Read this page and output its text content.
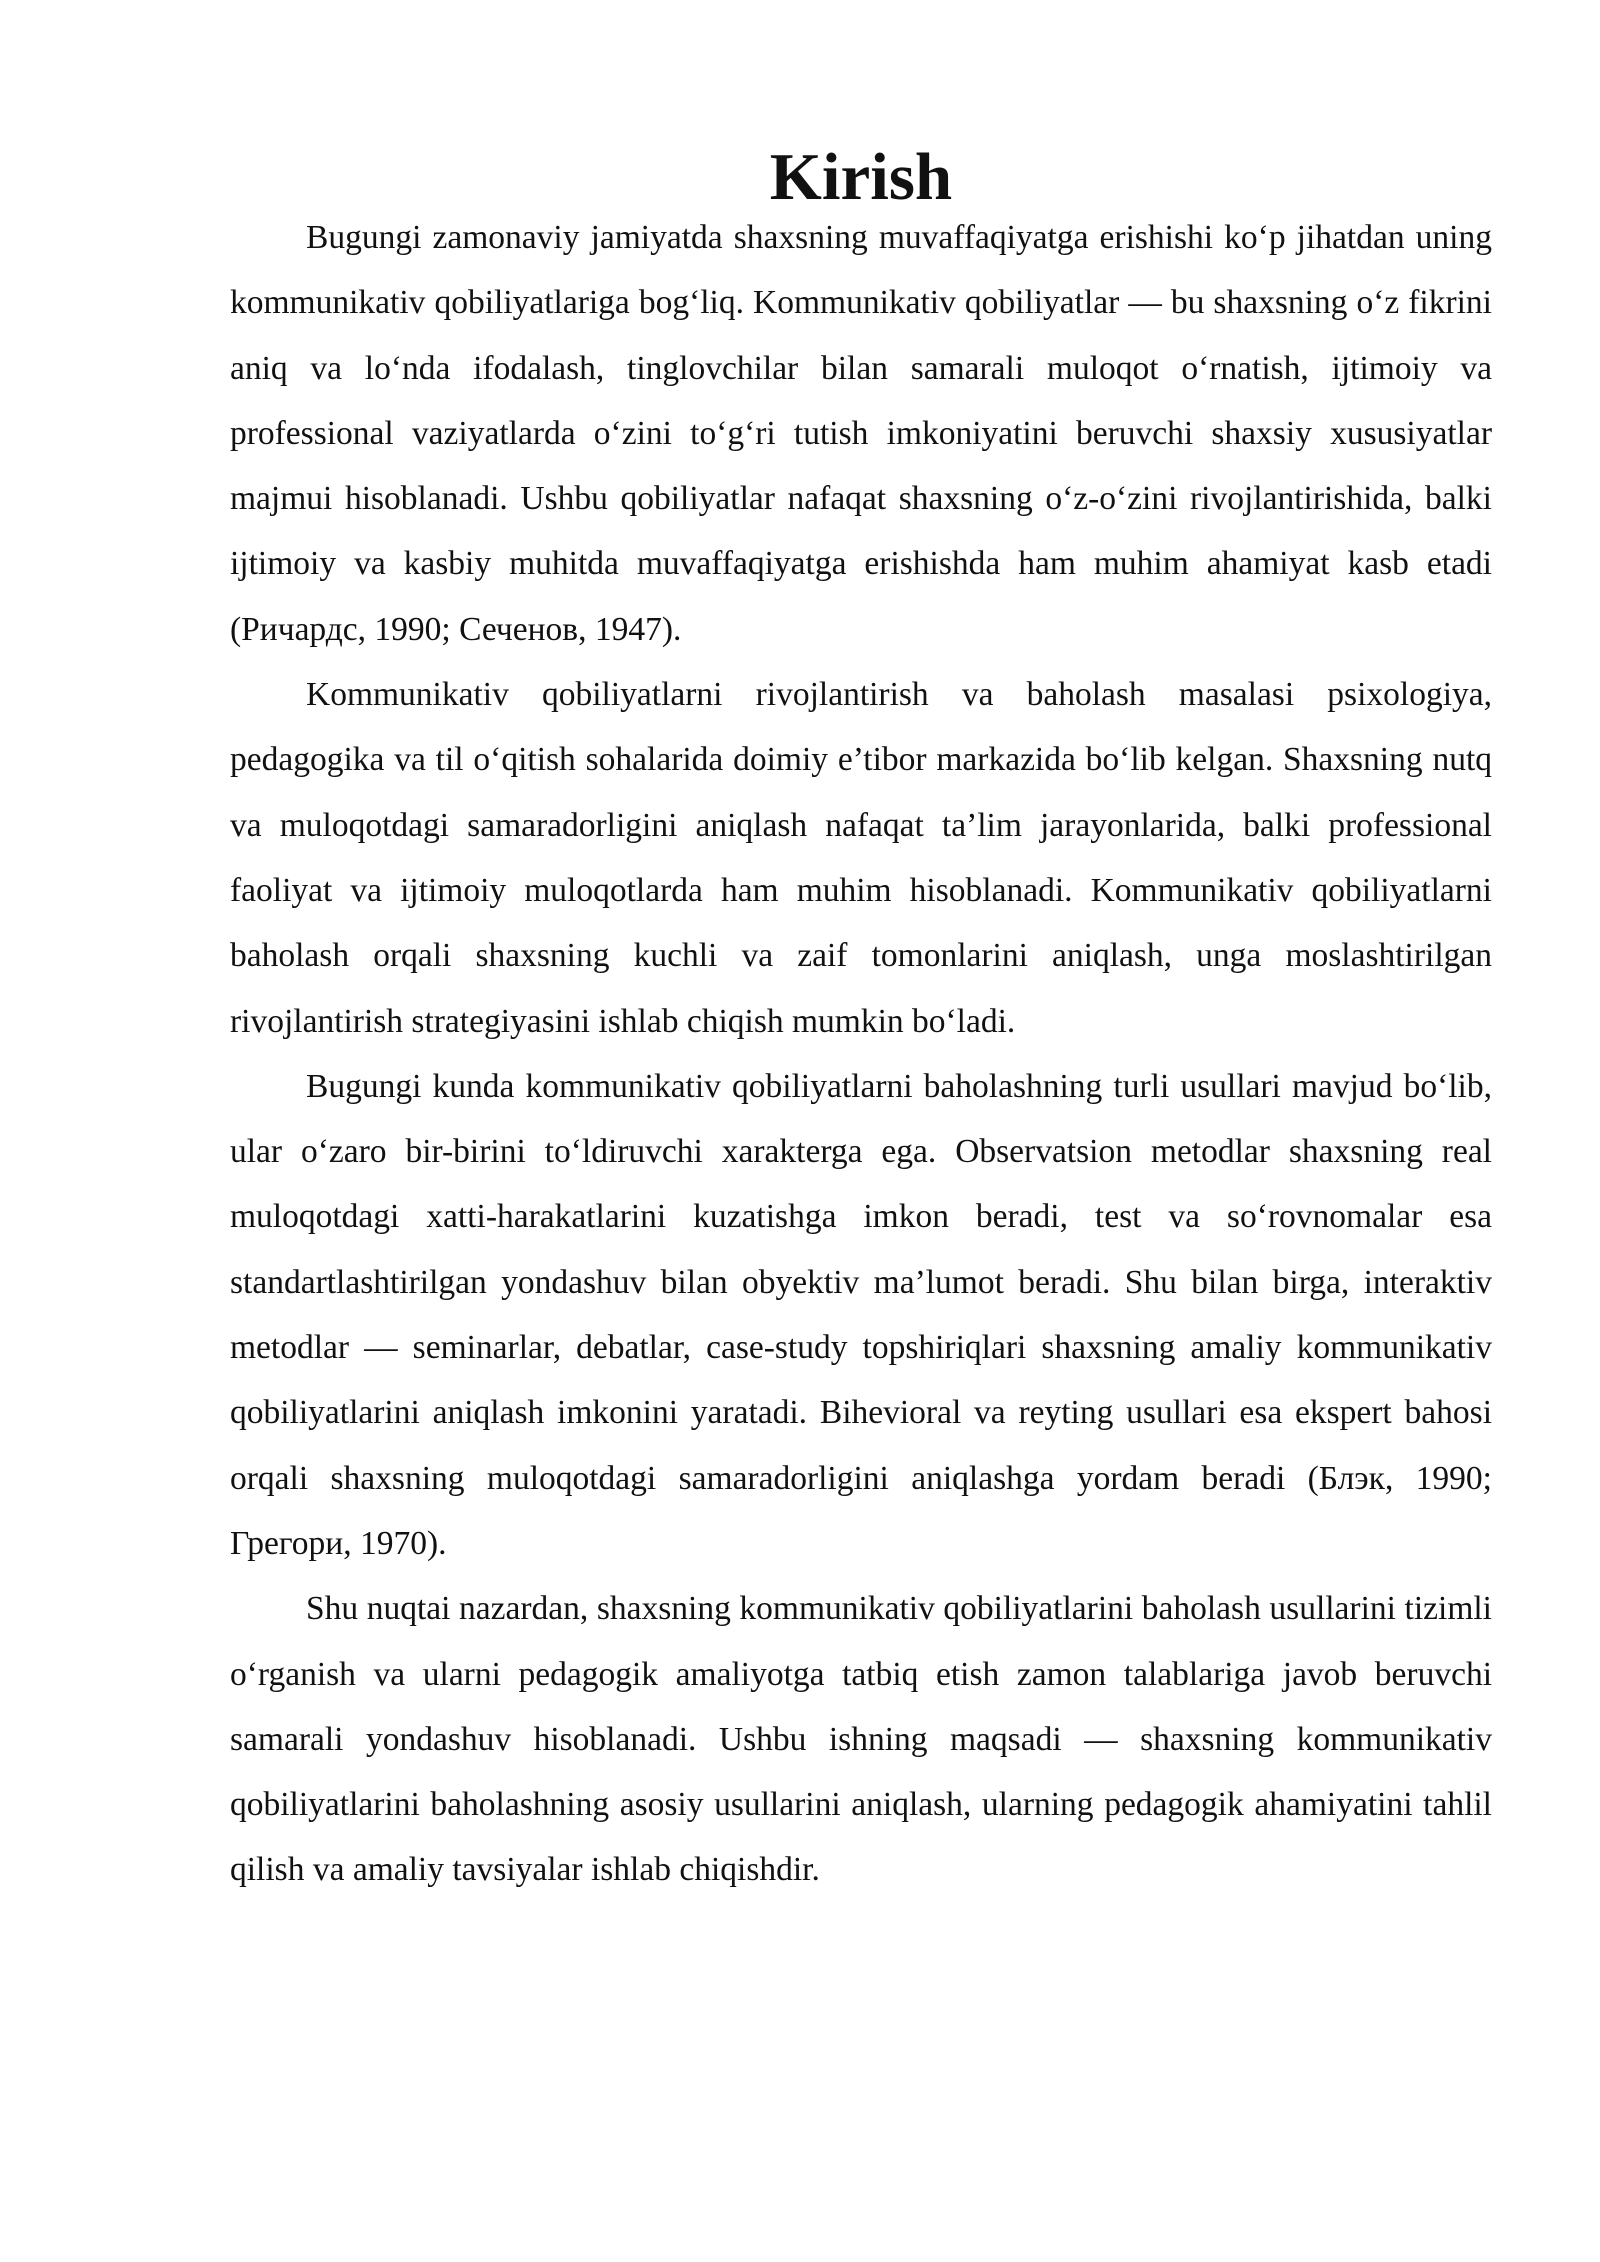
Kirish

Bugungi zamonaviy jamiyatda shaxsning muvaffaqiyatga erishishi ko‘p jihatdan uning kommunikativ qobiliyatlariga bog‘liq. Kommunikativ qobiliyatlar — bu shaxsning o‘z fikrini aniq va lo‘nda ifodalash, tinglovchilar bilan samarali muloqot o‘rnatish, ijtimoiy va professional vaziyatlarda o‘zini to‘g‘ri tutish imkoniyatini beruvchi shaxsiy xususiyatlar majmui hisoblanadi. Ushbu qobiliyatlar nafaqat shaxsning o‘z-o‘zini rivojlantirishida, balki ijtimoiy va kasbiy muhitda muvaffaqiyatga erishishda ham muhim ahamiyat kasb etadi (Ричардс, 1990; Сеченов, 1947).

Kommunikativ qobiliyatlarni rivojlantirish va baholash masalasi psixologiya, pedagogika va til o‘qitish sohalarida doimiy e’tibor markazida bo‘lib kelgan. Shaxsning nutq va muloqotdagi samaradorligini aniqlash nafaqat ta’lim jarayonlarida, balki professional faoliyat va ijtimoiy muloqotlarda ham muhim hisoblanadi. Kommunikativ qobiliyatlarni baholash orqali shaxsning kuchli va zaif tomonlarini aniqlash, unga moslashtirilgan rivojlantirish strategiyasini ishlab chiqish mumkin bo‘ladi.

Bugungi kunda kommunikativ qobiliyatlarni baholashning turli usullari mavjud bo‘lib, ular o‘zaro bir-birini to‘ldiruvchi xarakterga ega. Observatsion metodlar shaxsning real muloqotdagi xatti-harakatlarini kuzatishga imkon beradi, test va so‘rovnomalar esa standartlashtirilgan yondashuv bilan obyektiv ma’lumot beradi. Shu bilan birga, interaktiv metodlar — seminarlar, debatlar, case-study topshiriqlari shaxsning amaliy kommunikativ qobiliyatlarini aniqlash imkonini yaratadi. Bihevioral va reyting usullari esa ekspert bahosi orqali shaxsning muloqotdagi samaradorligini aniqlashga yordam beradi (Блэк, 1990; Грегори, 1970).

Shu nuqtai nazardan, shaxsning kommunikativ qobiliyatlarini baholash usullarini tizimli o‘rganish va ularni pedagogik amaliyotga tatbiq etish zamon talablariga javob beruvchi samarali yondashuv hisoblanadi. Ushbu ishning maqsadi — shaxsning kommunikativ qobiliyatlarini baholashning asosiy usullarini aniqlash, ularning pedagogik ahamiyatini tahlil qilish va amaliy tavsiyalar ishlab chiqishdir.
